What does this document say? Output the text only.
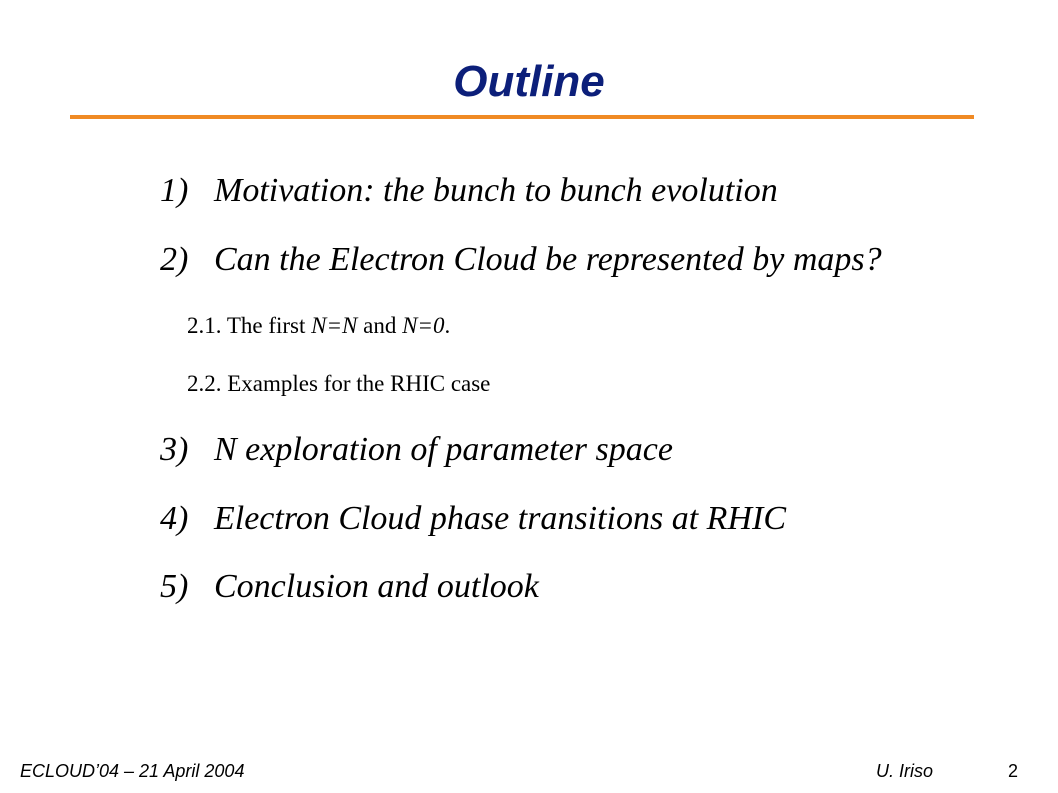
Outline
1) Motivation: the bunch to bunch evolution
2) Can the Electron Cloud be represented by maps?
2.1. The first N=N and N=0.
2.2. Examples for the RHIC case
3) N exploration of parameter space
4) Electron Cloud phase transitions at RHIC
5) Conclusion and outlook
ECLOUD’04 – 21 April 2004	U. Iriso	2
